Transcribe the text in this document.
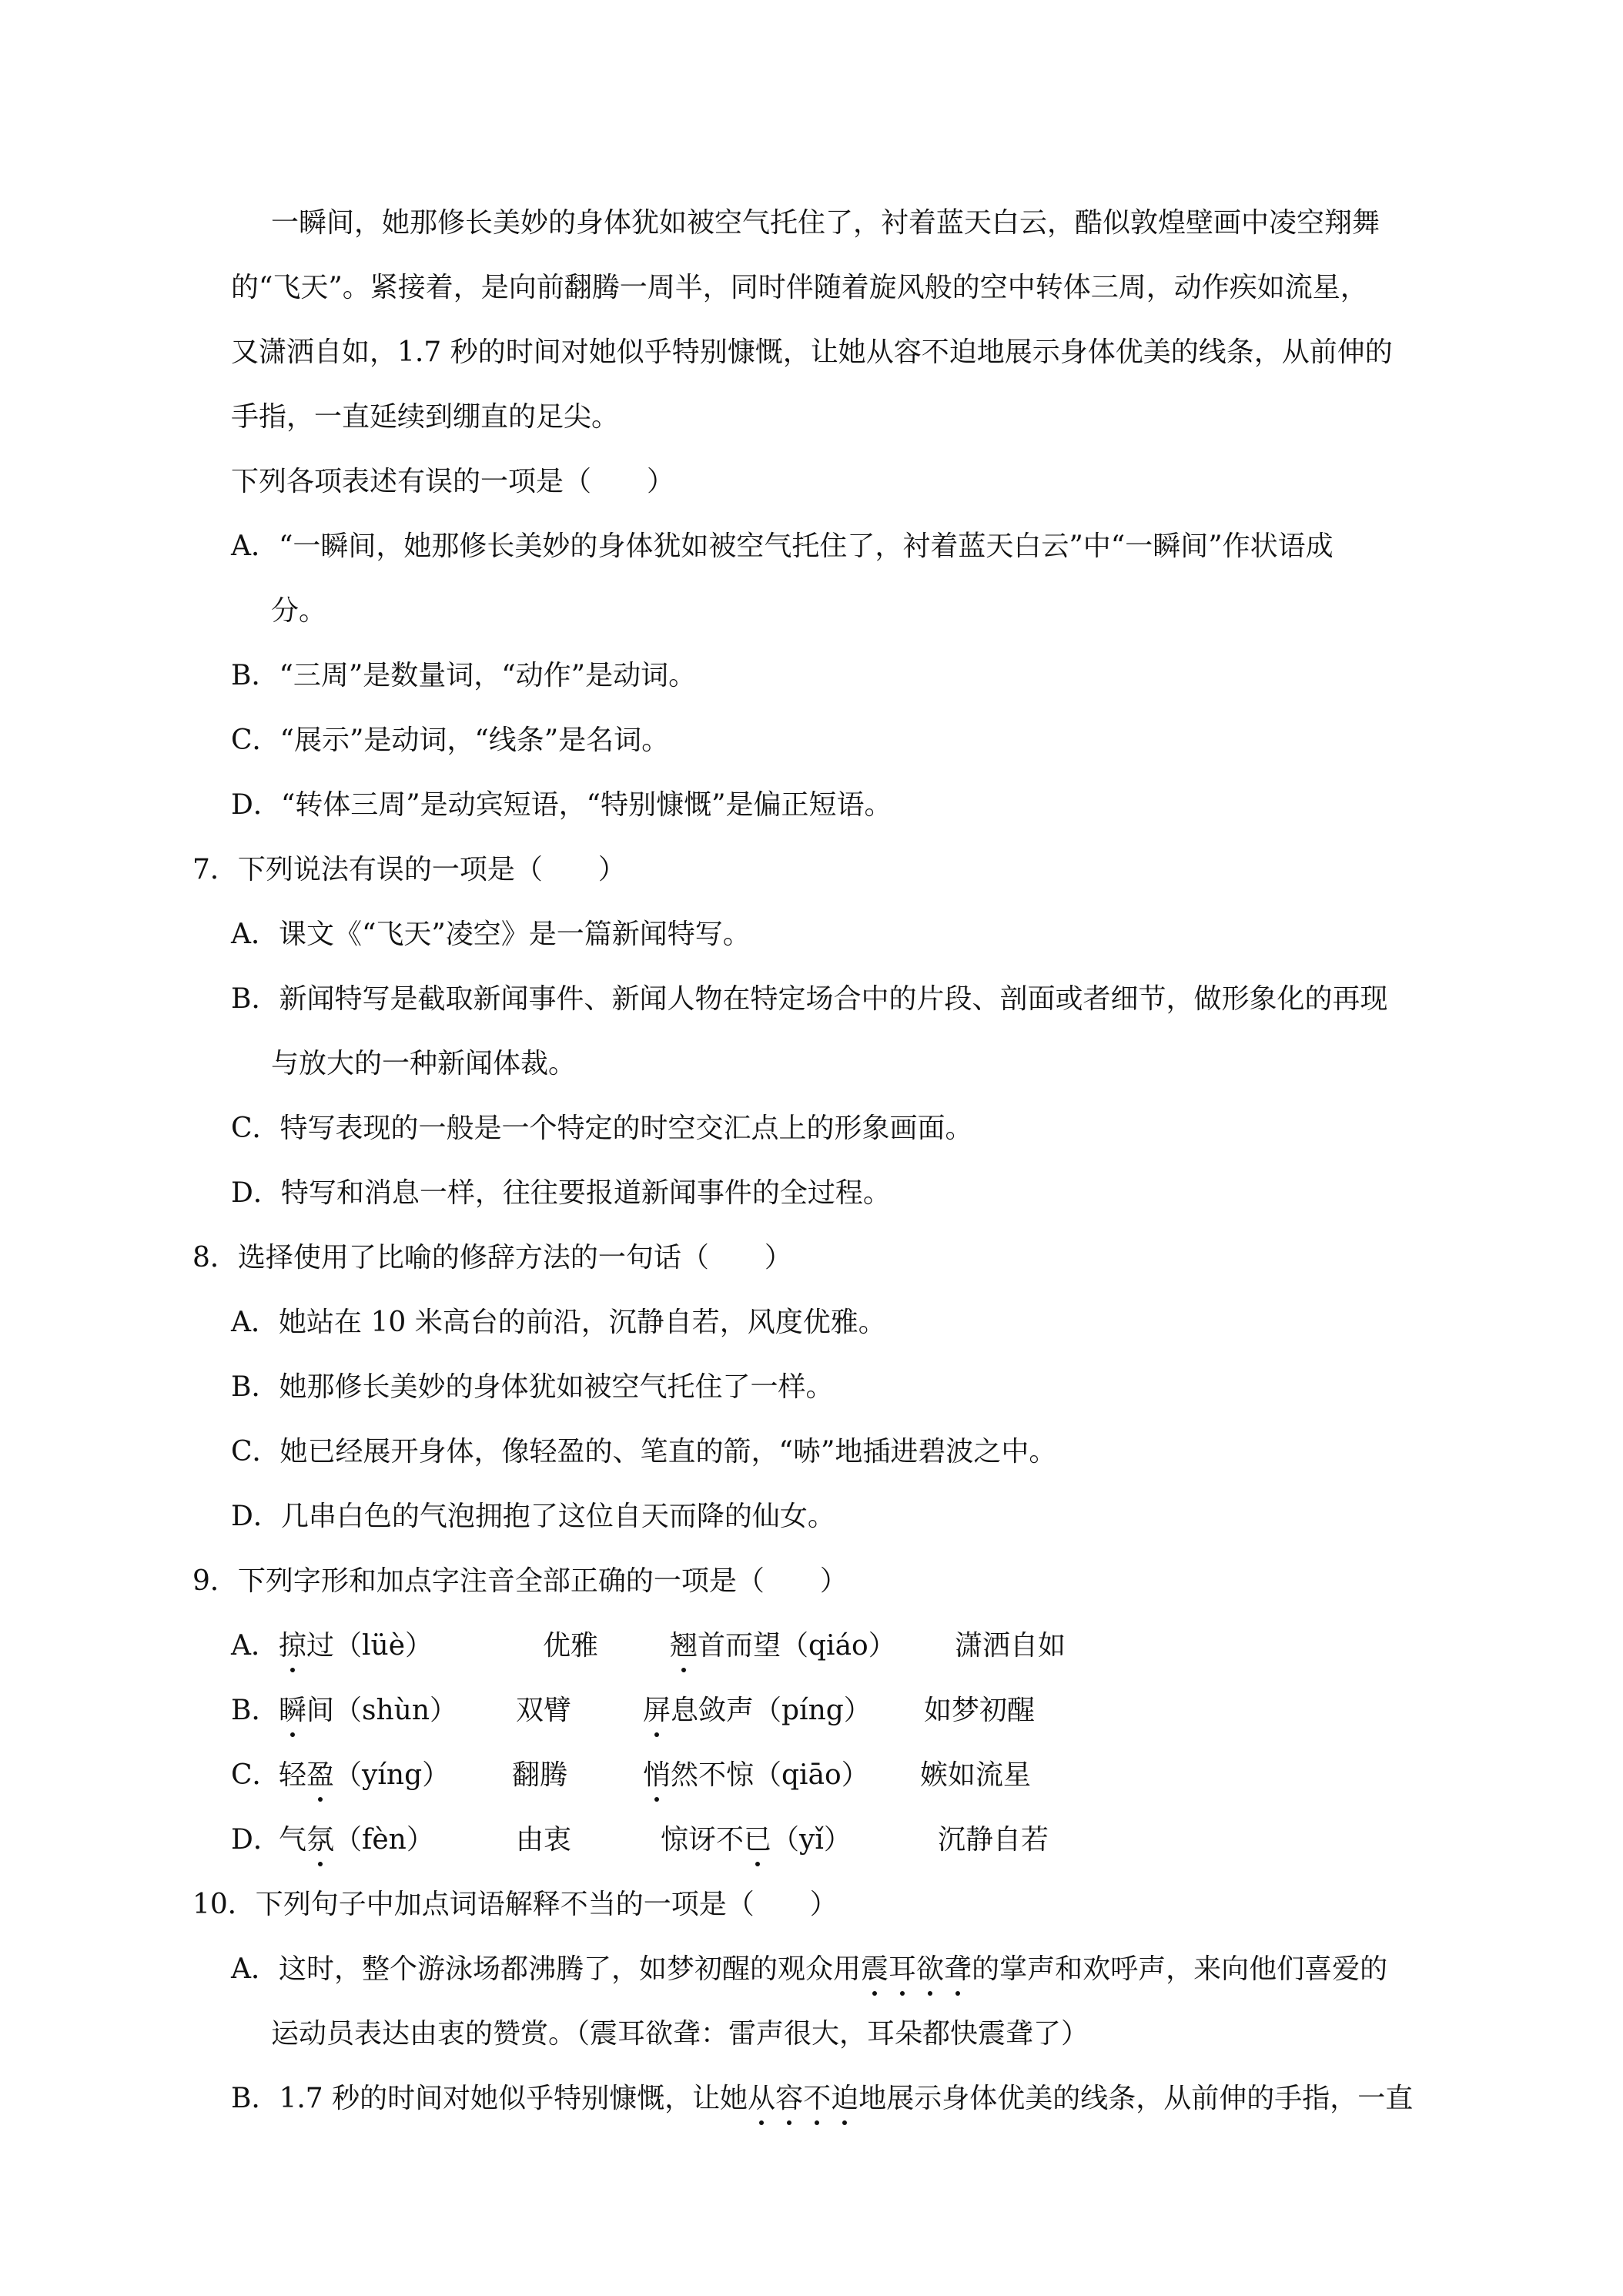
一瞬间，她那修长美妙的身体犹如被空气托住了，衬着蓝天白云，酷似敦煌壁画中凌空翔舞
的“飞天”。紧接着，是向前翻腾一周半，同时伴随着旋风般的空中转体三周，动作疾如流星，
又潇洒自如，1.7 秒的时间对她似乎特别慷慨，让她从容不迫地展示身体优美的线条，从前伸的
手指，一直延续到绷直的足尖。
下列各项表述有误的一项是（　　）
A．“一瞬间，她那修长美妙的身体犹如被空气托住了，衬着蓝天白云”中“一瞬间”作状语成
分。
B．“三周”是数量词，“动作”是动词。
C．“展示”是动词，“线条”是名词。
D．“转体三周”是动宾短语，“特别慷慨”是偏正短语。
7．下列说法有误的一项是（　　）
A．课文《“飞天”凌空》是一篇新闻特写。
B．新闻特写是截取新闻事件、新闻人物在特定场合中的片段、剖面或者细节，做形象化的再现
与放大的一种新闻体裁。
C．特写表现的一般是一个特定的时空交汇点上的形象画面。
D．特写和消息一样，往往要报道新闻事件的全过程。
8．选择使用了比喻的修辞方法的一句话（　　）
A．她站在 10 米高台的前沿，沉静自若，风度优雅。
B．她那修长美妙的身体犹如被空气托住了一样。
C．她已经展开身体，像轻盈的、笔直的箭，“哧”地插进碧波之中。
D．几串白色的气泡拥抱了这位自天而降的仙女。
9．下列字形和加点字注音全部正确的一项是（　　）
A． 掠过（lüè）	优雅	翘首而望（qiáo） 潇洒自如
B． 瞬间（shùn） 双臂	屏息敛声（píng） 如梦初醒
C．
轻盈（yíng） 翻腾	悄然不惊（qiāo） 嫉如流星
D．
气氛（fèn）	由衷	惊讶不已（yǐ）	沉静自若
10．下列句子中加点词语解释不当的一项是（　　）
A．这时，整个游泳场都沸腾了，如梦初醒的观众用震耳欲聋的掌声和欢呼声，来向他们喜爱的
运动员表达由衷的赞赏。（震耳欲聋：雷声很大，耳朵都快震聋了）
B．1.7 秒的时间对她似乎特别慷慨，让她从容不迫地展示身体优美的线条，从前伸的手指，一直
